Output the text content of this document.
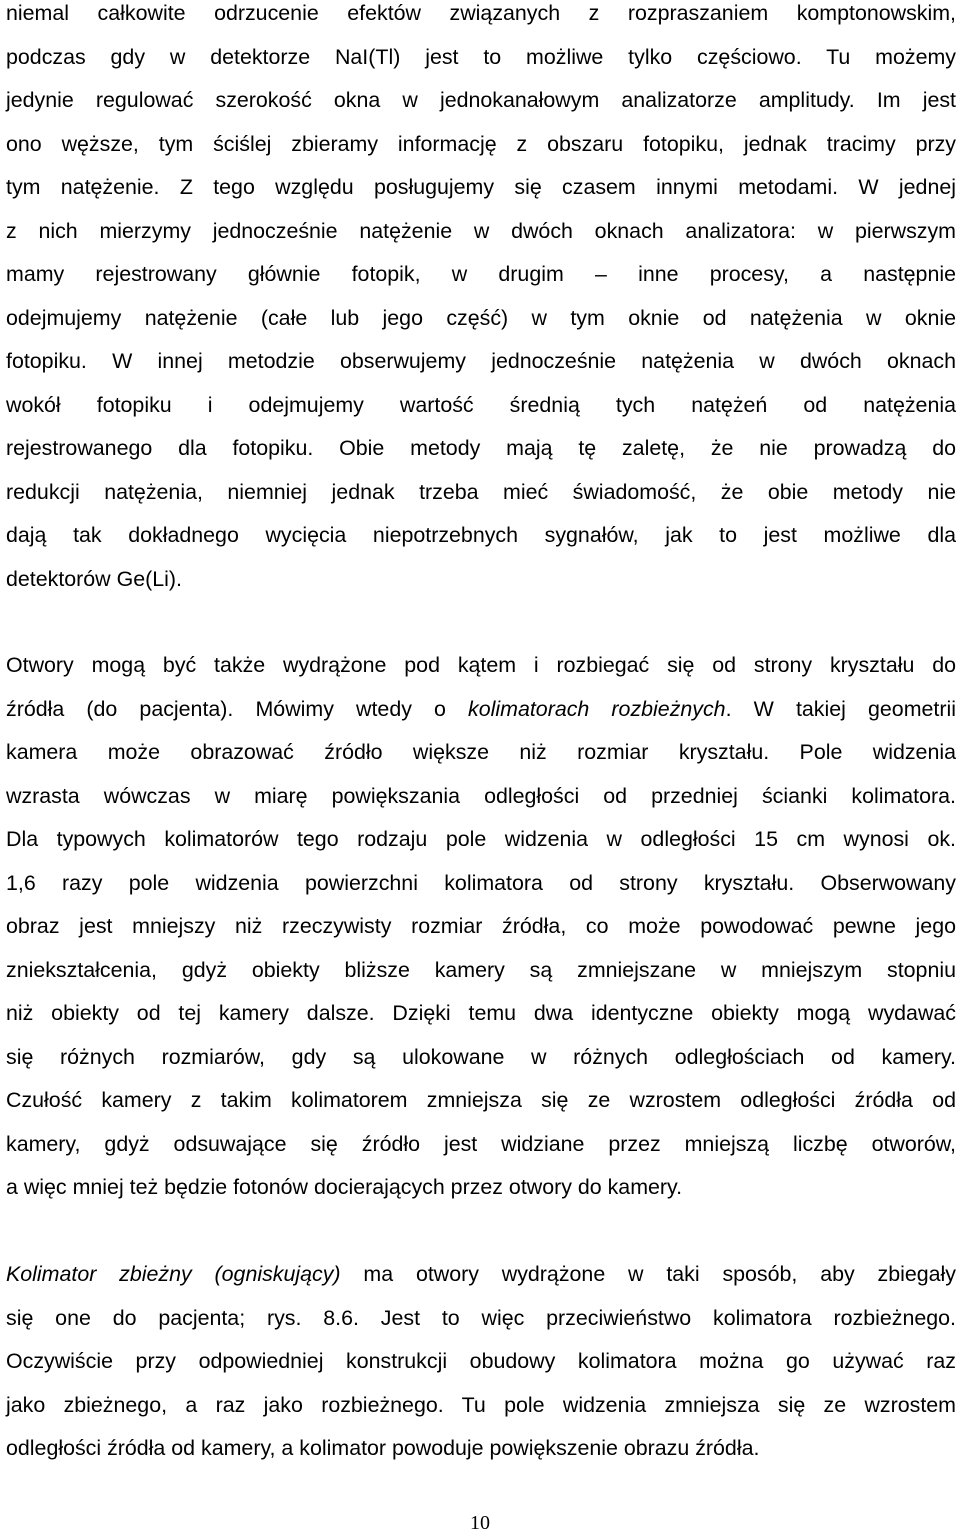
niemal całkowite odrzucenie efektów związanych z rozpraszaniem komptonowskim,
podczas gdy w detektorze NaI(Tl) jest to możliwe tylko częściowo. Tu możemy
jedynie regulować szerokość okna w jednokanałowym analizatorze amplitudy. Im jest
ono węższe, tym ściślej zbieramy informację z obszaru fotopiku, jednak tracimy przy
tym natężenie. Z tego względu posługujemy się czasem innymi metodami. W jednej
z nich mierzymy jednocześnie natężenie w dwóch oknach analizatora: w pierwszym
mamy rejestrowany głównie fotopik, w drugim – inne procesy, a następnie
odejmujemy natężenie (całe lub jego część) w tym oknie od natężenia w oknie
fotopiku. W innej metodzie obserwujemy jednocześnie natężenia w dwóch oknach
wokół fotopiku i odejmujemy wartość średnią tych natężeń od natężenia
rejestrowanego dla fotopiku. Obie metody mają tę zaletę, że nie prowadzą do
redukcji natężenia, niemniej jednak trzeba mieć świadomość, że obie metody nie
dają tak dokładnego wycięcia niepotrzebnych sygnałów, jak to jest możliwe dla
detektorów Ge(Li).
Otwory mogą być także wydrążone pod kątem i rozbiegać się od strony kryształu do
źródła (do pacjenta). Mówimy wtedy o kolimatorach rozbieżnych. W takiej geometrii
kamera może obrazować źródło większe niż rozmiar kryształu. Pole widzenia
wzrasta wówczas w miarę powiększania odległości od przedniej ścianki kolimatora.
Dla typowych kolimatorów tego rodzaju pole widzenia w odległości 15 cm wynosi ok.
1,6 razy pole widzenia powierzchni kolimatora od strony kryształu. Obserwowany
obraz jest mniejszy niż rzeczywisty rozmiar źródła, co może powodować pewne jego
zniekształcenia, gdyż obiekty bliższe kamery są zmniejszane w mniejszym stopniu
niż obiekty od tej kamery dalsze. Dzięki temu dwa identyczne obiekty mogą wydawać
się różnych rozmiarów, gdy są ulokowane w różnych odległościach od kamery.
Czułość kamery z takim kolimatorem zmniejsza się ze wzrostem odległości źródła od
kamery, gdyż odsuwające się źródło jest widziane przez mniejszą liczbę otworów,
a więc mniej też będzie fotonów docierających przez otwory do kamery.
Kolimator zbieżny (ogniskujący) ma otwory wydrążone w taki sposób, aby zbiegały
się one do pacjenta; rys. 8.6. Jest to więc przeciwieństwo kolimatora rozbieżnego.
Oczywiście przy odpowiedniej konstrukcji obudowy kolimatora można go używać raz
jako zbieżnego, a raz jako rozbieżnego. Tu pole widzenia zmniejsza się ze wzrostem
odległości źródła od kamery, a kolimator powoduje powiększenie obrazu źródła.
10
